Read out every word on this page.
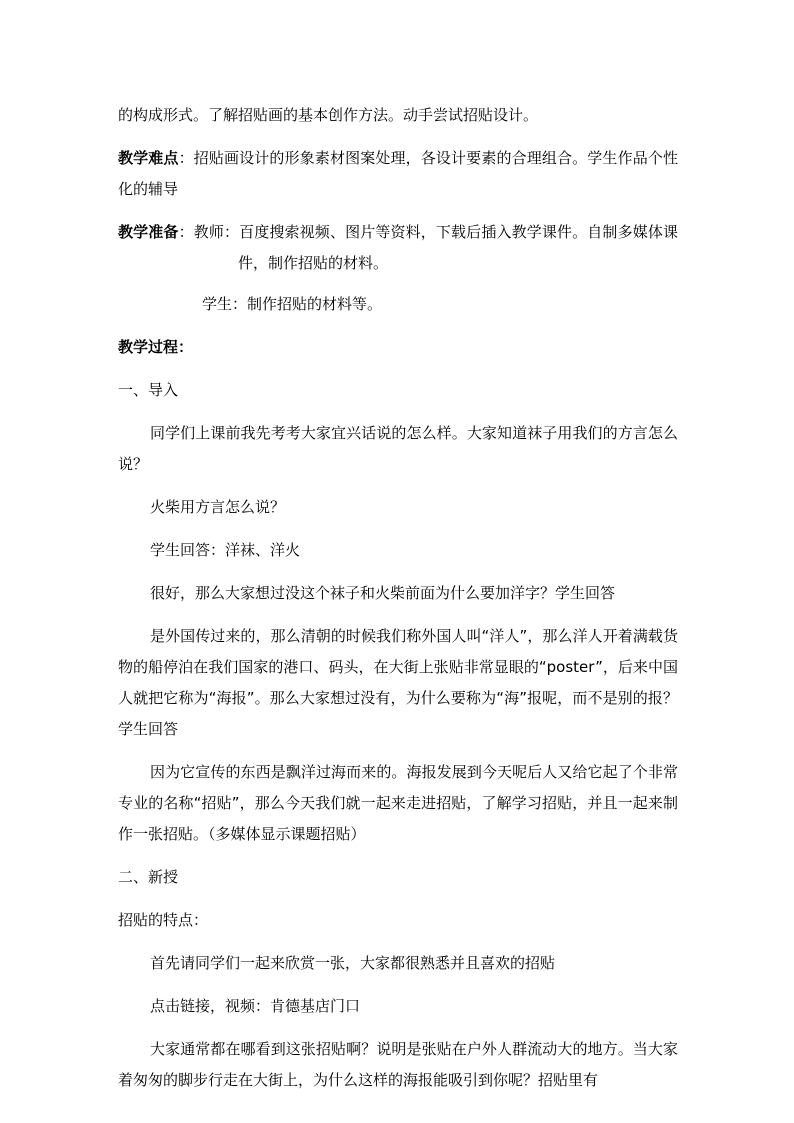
的构成形式。了解招贴画的基本创作方法。动手尝试招贴设计。

教学难点：招贴画设计的形象素材图案处理，各设计要素的合理组合。学生作品个性化的辅导

教学准备：教师：百度搜索视频、图片等资料，下载后插入教学课件。自制多媒体课件，制作招贴的材料。

学生：制作招贴的材料等。

教学过程：

一、导入

同学们上课前我先考考大家宜兴话说的怎么样。大家知道袜子用我们的方言怎么说？

火柴用方言怎么说？

学生回答：洋袜、洋火

很好，那么大家想过没这个袜子和火柴前面为什么要加洋字？学生回答

是外国传过来的，那么清朝的时候我们称外国人叫“洋人”，那么洋人开着满载货物的船停泊在我们国家的港口、码头，在大街上张贴非常显眼的“poster”，后来中国人就把它称为“海报”。那么大家想过没有，为什么要称为“海”报呢，而不是别的报？学生回答

因为它宣传的东西是飘洋过海而来的。海报发展到今天呢后人又给它起了个非常专业的名称“招贴”，那么今天我们就一起来走进招贴，了解学习招贴，并且一起来制作一张招贴。（多媒体显示课题招贴）

二、新授

招贴的特点：

首先请同学们一起来欣赏一张，大家都很熟悉并且喜欢的招贴

点击链接，视频：肯德基店门口

大家通常都在哪看到这张招贴啊？说明是张贴在户外人群流动大的地方。当大家着匆匆的脚步行走在大街上，为什么这样的海报能吸引到你呢？招贴里有
